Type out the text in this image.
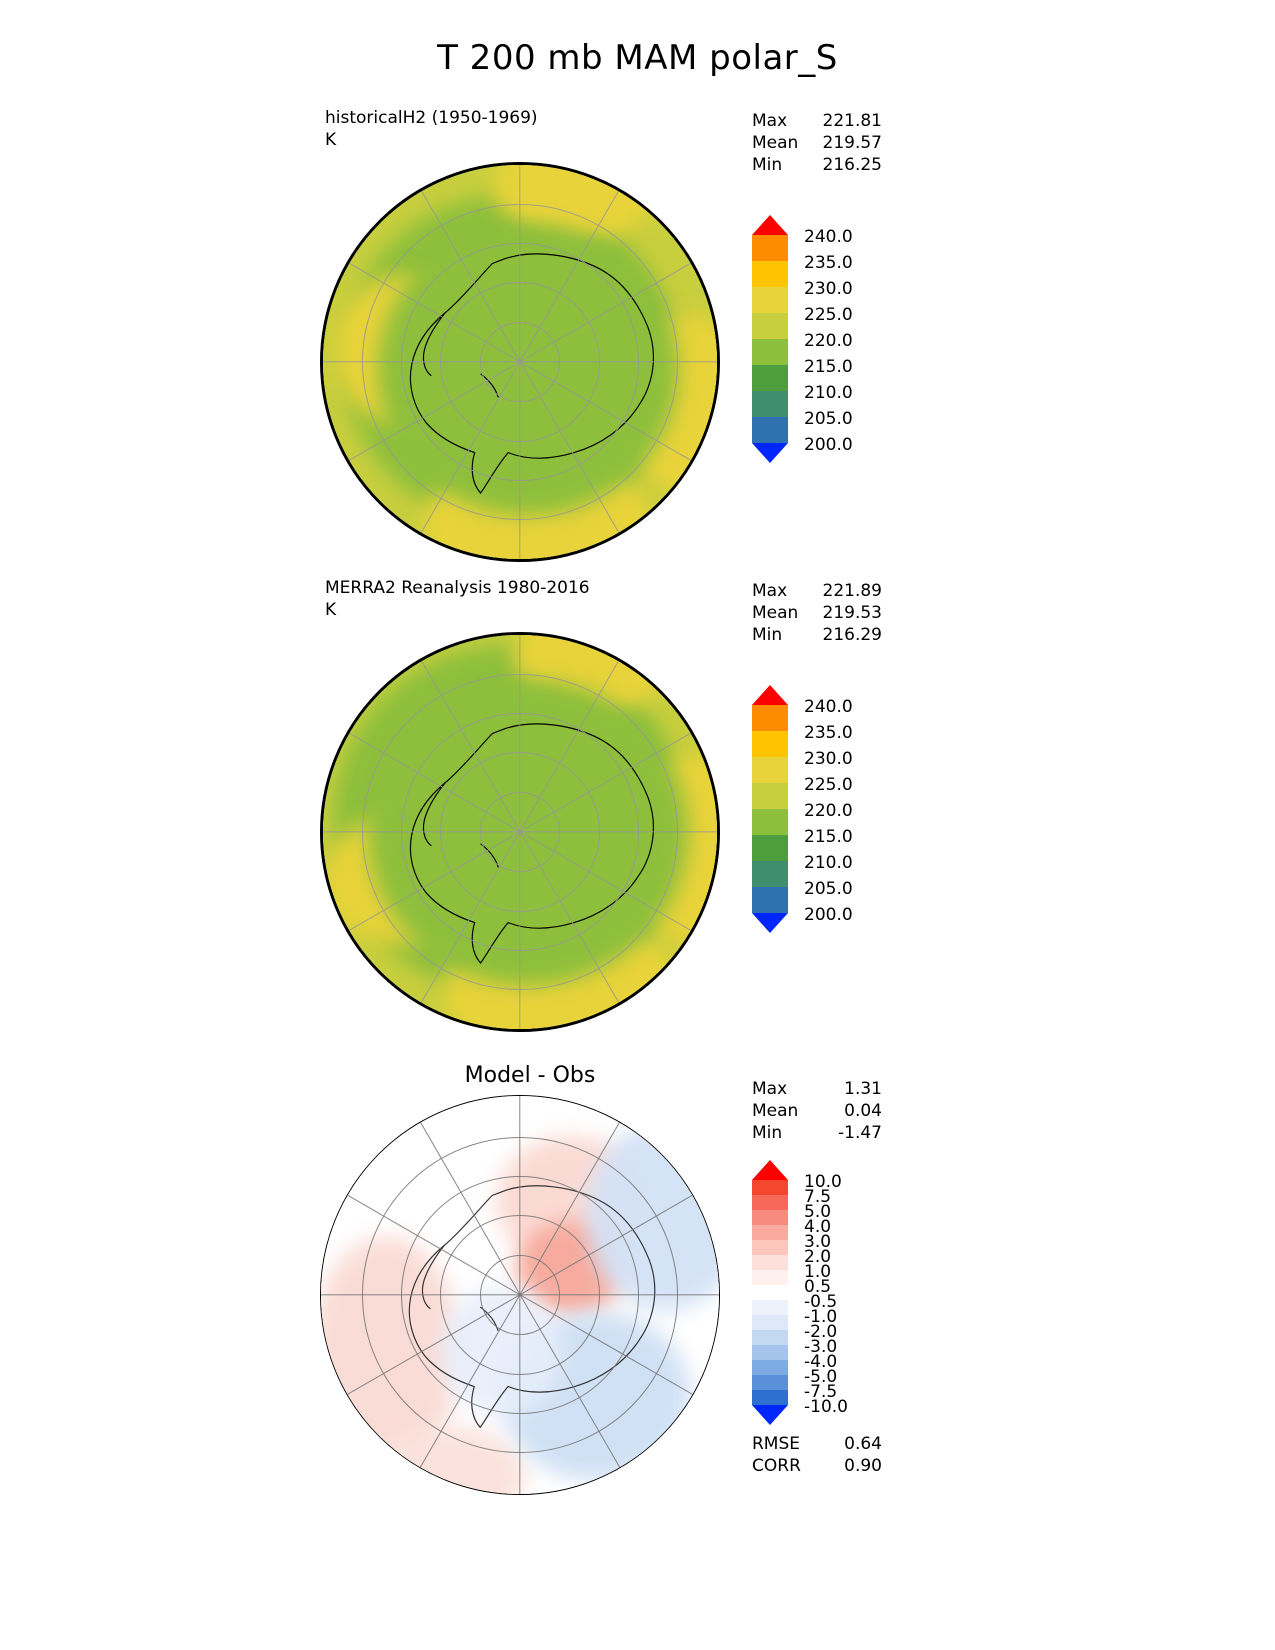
T 200 mb MAM polar_S
historicalH2 (1950-1969)
K
Max	221.81
Mean	219.57
Min	216.25
240.0
235.0
230.0
225.0
220.0
215.0
210.0
205.0
200.0
MERRA2 Reanalysis 1980-2016
K
Max	221.89
Mean	219.53
Min	216.29
240.0
235.0
230.0
225.0
220.0
215.0
210.0
205.0
200.0
Model - Obs
Max	1.31
Mean	0.04
Min	-1.47
10.0
7.5
5.0
4.0
3.0
2.0
1.0
0.5
-0.5
-1.0
-2.0
-3.0
-4.0
-5.0
-7.5
-10.0
RMSE	0.64
CORR	0.90
